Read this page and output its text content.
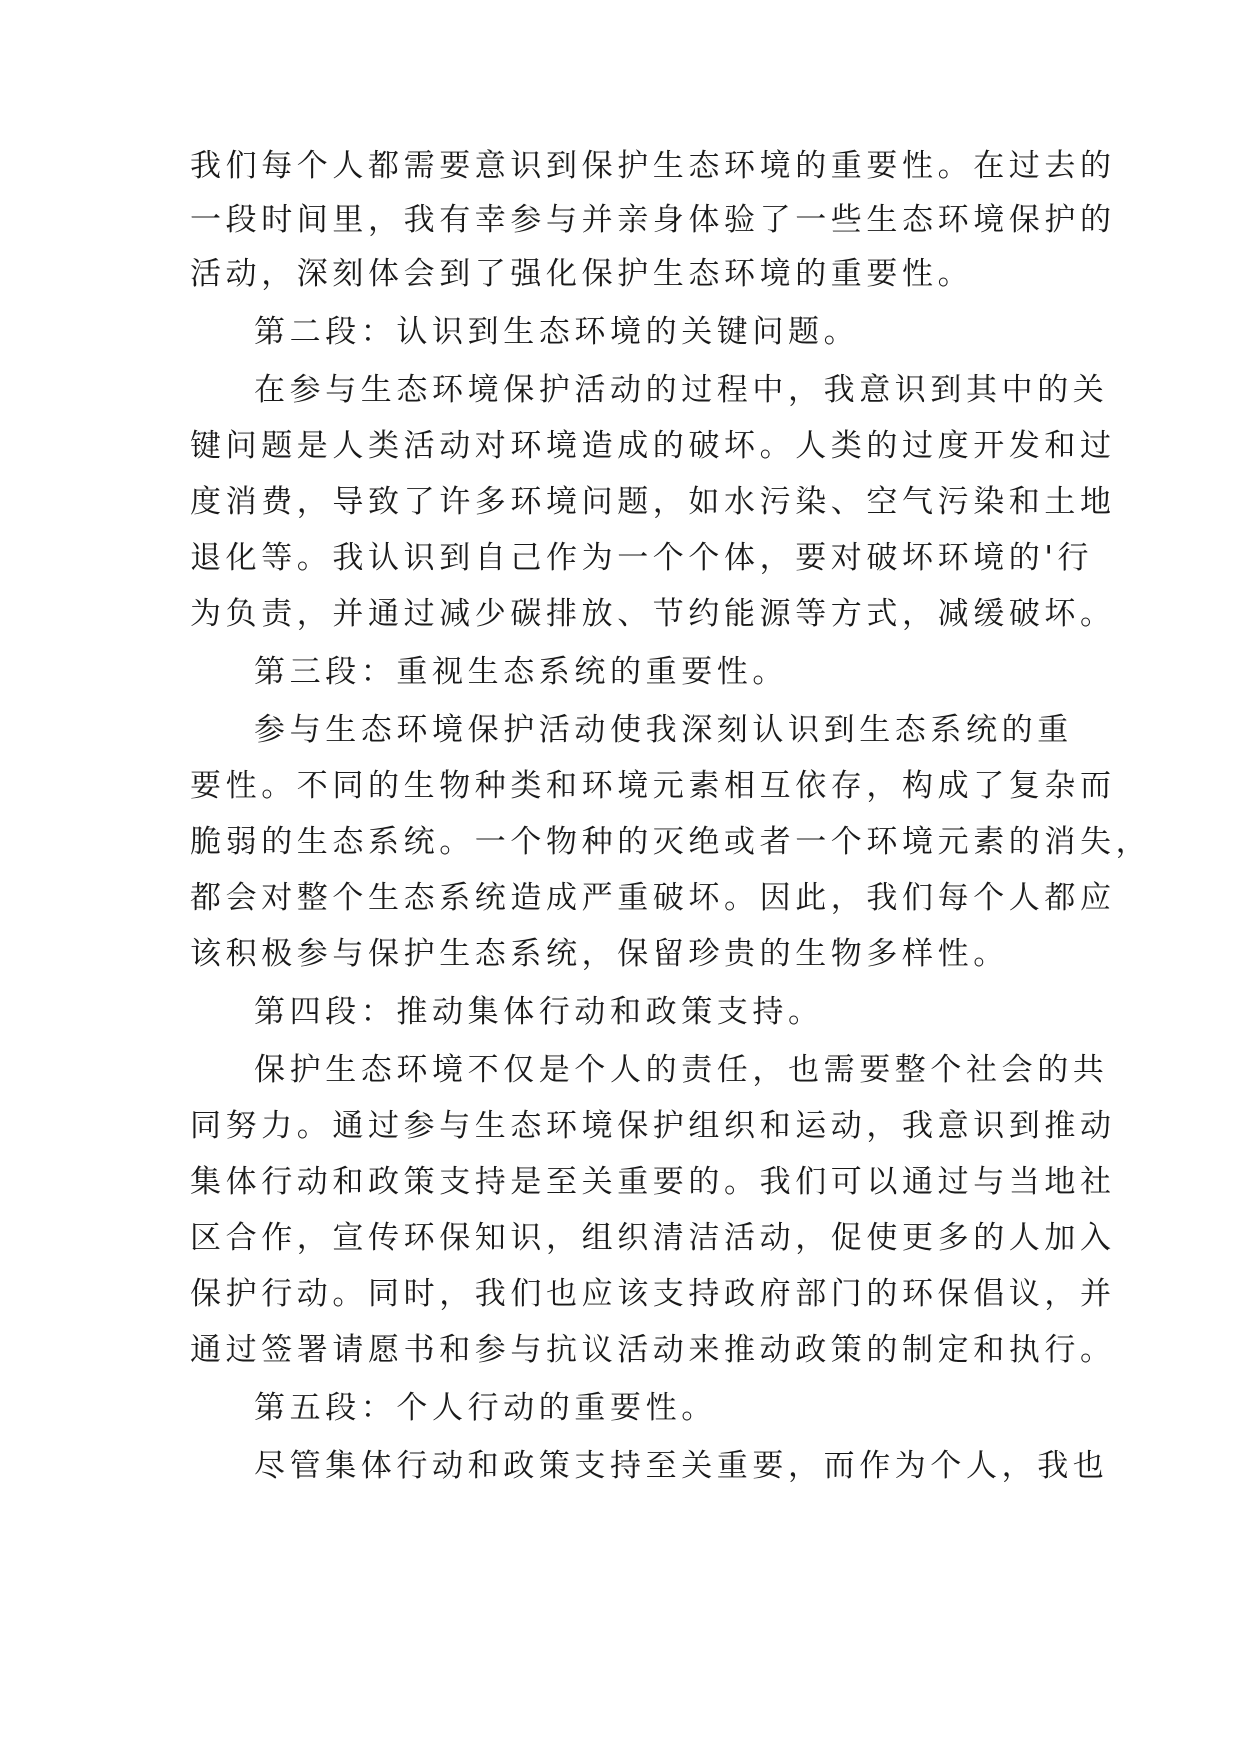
我们每个人都需要意识到保护生态环境的重要性。在过去的
一段时间里，我有幸参与并亲身体验了一些生态环境保护的
活动，深刻体会到了强化保护生态环境的重要性。
第二段：认识到生态环境的关键问题。
在参与生态环境保护活动的过程中，我意识到其中的关
键问题是人类活动对环境造成的破坏。人类的过度开发和过
度消费，导致了许多环境问题，如水污染、空气污染和土地
退化等。我认识到自己作为一个个体，要对破坏环境的'行
为负责，并通过减少碳排放、节约能源等方式，减缓破坏。
第三段：重视生态系统的重要性。
参与生态环境保护活动使我深刻认识到生态系统的重
要性。不同的生物种类和环境元素相互依存，构成了复杂而
脆弱的生态系统。一个物种的灭绝或者一个环境元素的消失，
都会对整个生态系统造成严重破坏。因此，我们每个人都应
该积极参与保护生态系统，保留珍贵的生物多样性。
第四段：推动集体行动和政策支持。
保护生态环境不仅是个人的责任，也需要整个社会的共
同努力。通过参与生态环境保护组织和运动，我意识到推动
集体行动和政策支持是至关重要的。我们可以通过与当地社
区合作，宣传环保知识，组织清洁活动，促使更多的人加入
保护行动。同时，我们也应该支持政府部门的环保倡议，并
通过签署请愿书和参与抗议活动来推动政策的制定和执行。
第五段：个人行动的重要性。
尽管集体行动和政策支持至关重要，而作为个人，我也
